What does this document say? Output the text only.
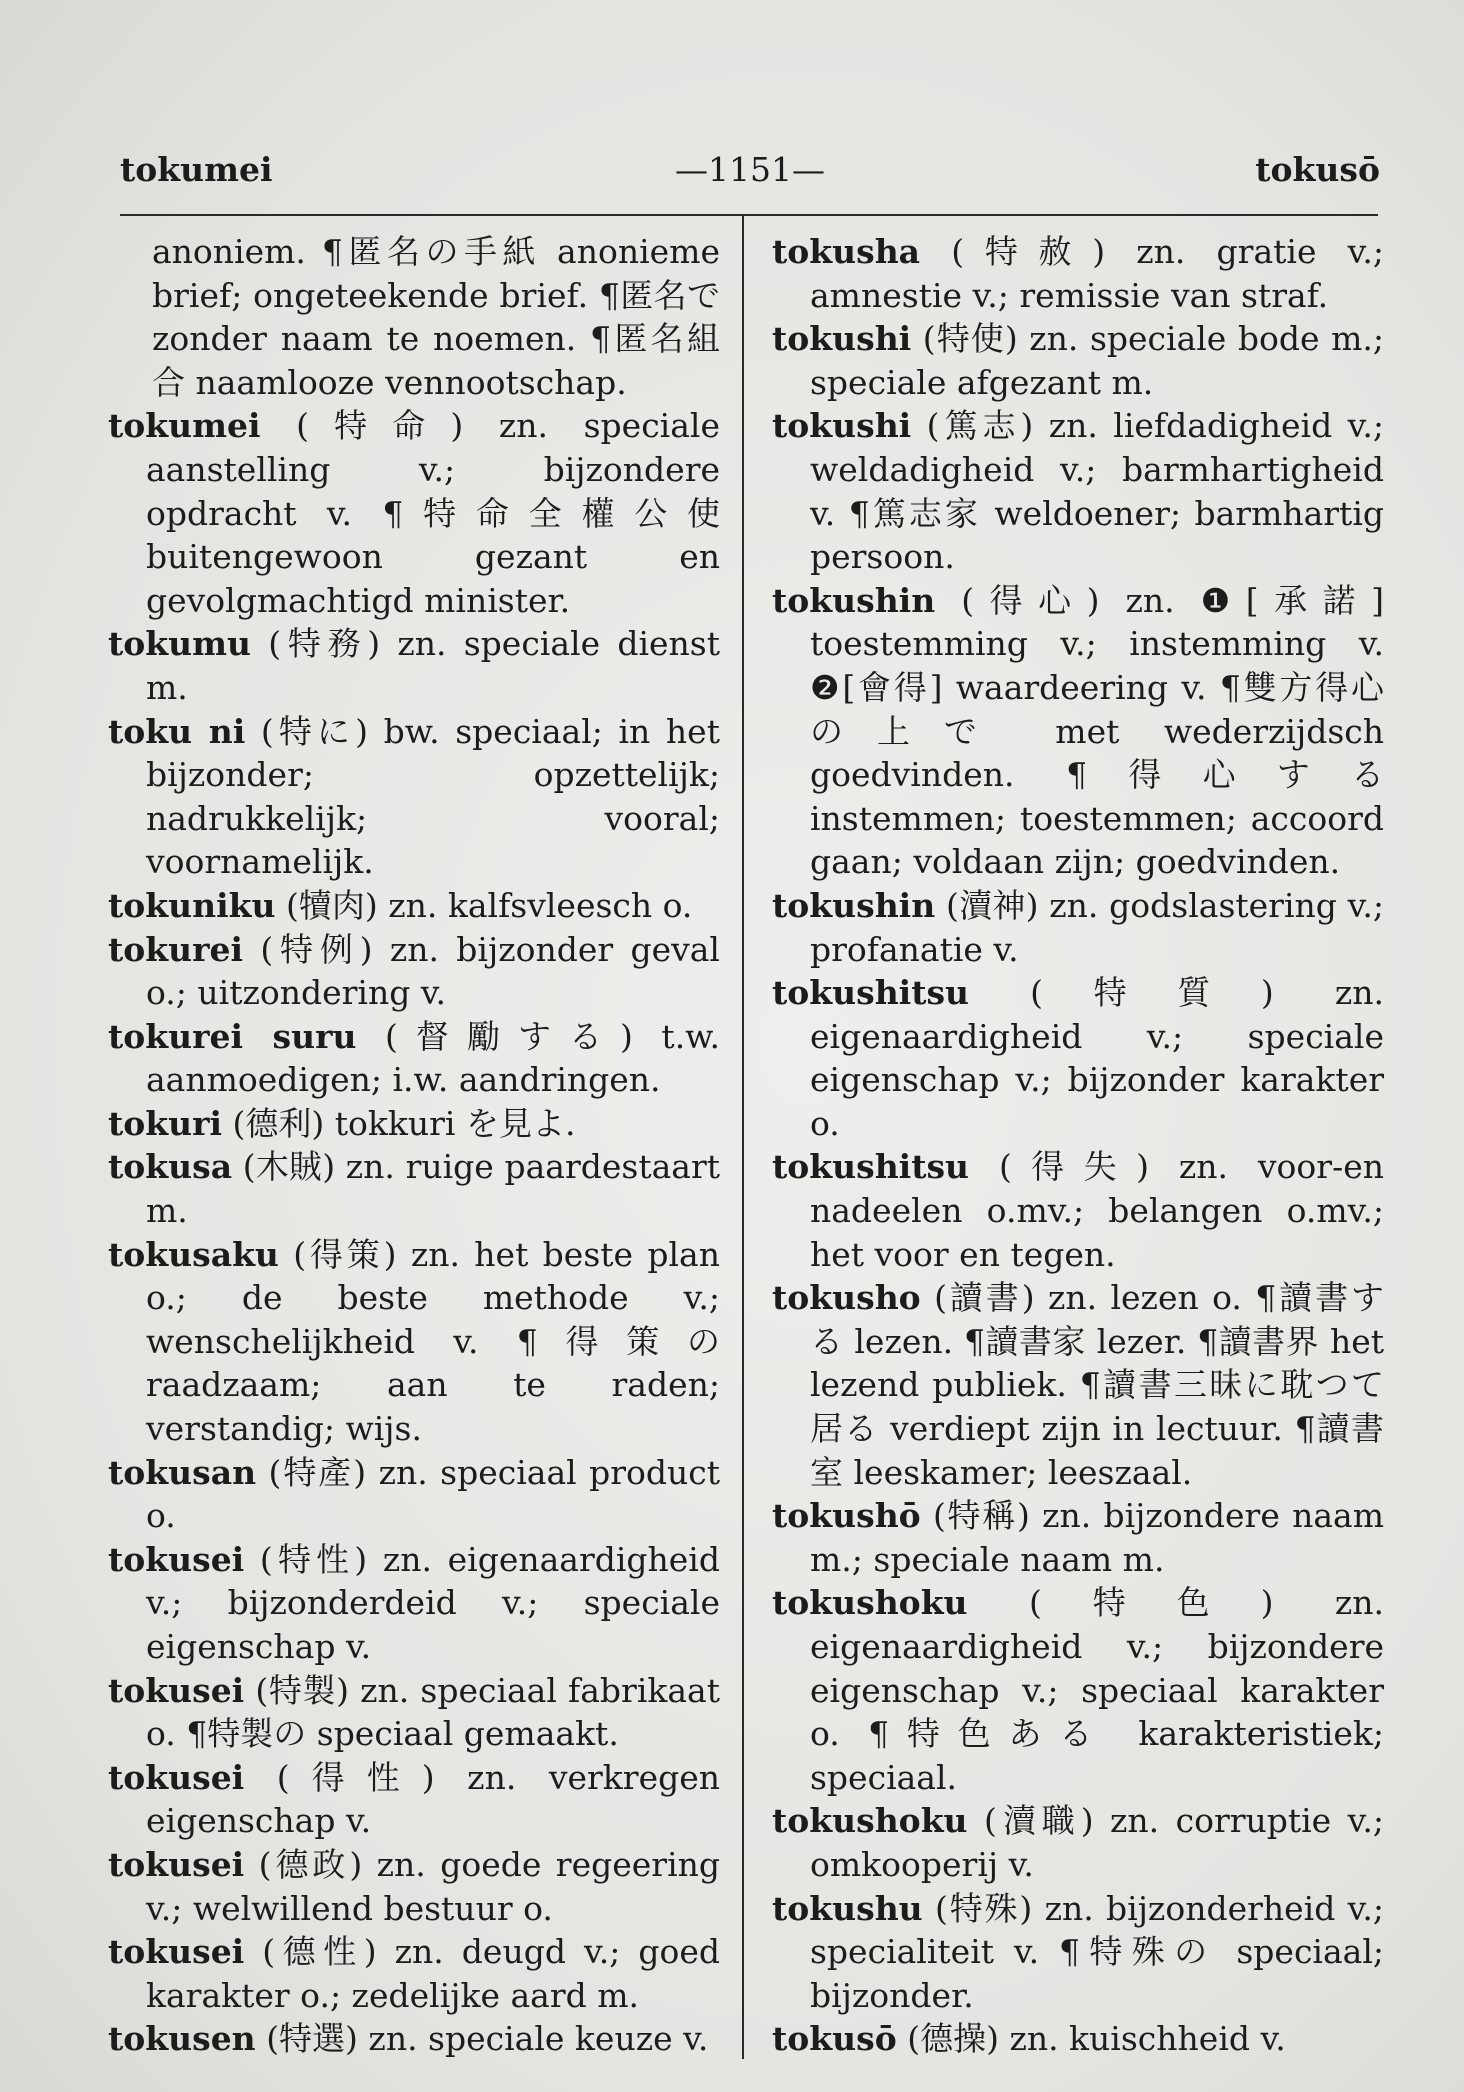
tokumei	—1151—	tokusō

anoniem. ¶匿名の手紙 anonieme brief; ongeteekende brief. ¶匿名で zonder naam te noemen. ¶匿名組合 naamlooze vennootschap.

tokumei (特命) zn. speciale aanstelling v.; bijzondere opdracht v. ¶特命全權公使 buitengewoon gezant en gevolgmachtigd minister.

tokumu (特務) zn. speciale dienst m.

toku ni (特に) bw. speciaal; in het bijzonder; opzettelijk; nadrukkelijk; vooral; voornamelijk.

tokuniku (犢肉) zn. kalfsvleesch o.

tokurei (特例) zn. bijzonder geval o.; uitzondering v.

tokurei suru (督勵する) t.w. aanmoedigen; i.w. aandringen.

tokuri (德利) tokkuri を見よ.

tokusa (木賊) zn. ruige paardestaart m.

tokusaku (得策) zn. het beste plan o.; de beste methode v.; wenschelijkheid v. ¶得策の raadzaam; aan te raden; verstandig; wijs.

tokusan (特產) zn. speciaal product o.

tokusei (特性) zn. eigenaardigheid v.; bijzonderdeid v.; speciale eigenschap v.

tokusei (特製) zn. speciaal fabrikaat o. ¶特製の speciaal gemaakt.

tokusei (得性) zn. verkregen eigenschap v.

tokusei (德政) zn. goede regeering v.; welwillend bestuur o.

tokusei (德性) zn. deugd v.; goed karakter o.; zedelijke aard m.

tokusen (特選) zn. speciale keuze v.

tokusha (特赦) zn. gratie v.; amnestie v.; remissie van straf.

tokushi (特使) zn. speciale bode m.; speciale afgezant m.

tokushi (篤志) zn. liefdadigheid v.; weldadigheid v.; barmhartigheid v. ¶篤志家 weldoener; barmhartig persoon.

tokushin (得心) zn. ❶[承諾] toestemming v.; instemming v. ❷[會得] waardeering v. ¶雙方得心の上で met wederzijdsch goedvinden. ¶得心する instemmen; toestemmen; accoord gaan; voldaan zijn; goedvinden.

tokushin (瀆神) zn. godslastering v.; profanatie v.

tokushitsu (特質) zn. eigenaardigheid v.; speciale eigenschap v.; bijzonder karakter o.

tokushitsu (得失) zn. voor-en nadeelen o.mv.; belangen o.mv.; het voor en tegen.

tokusho (讀書) zn. lezen o. ¶讀書する lezen. ¶讀書家 lezer. ¶讀書界 het lezend publiek. ¶讀書三昧に耽つて居る verdiept zijn in lectuur. ¶讀書室 leeskamer; leeszaal.

tokushō (特稱) zn. bijzondere naam m.; speciale naam m.

tokushoku (特色) zn. eigenaardigheid v.; bijzondere eigenschap v.; speciaal karakter o. ¶特色ある karakteristiek; speciaal.

tokushoku (瀆職) zn. corruptie v.; omkooperij v.

tokushu (特殊) zn. bijzonderheid v.; specialiteit v. ¶特殊の speciaal; bijzonder.

tokusō (德操) zn. kuischheid v.
